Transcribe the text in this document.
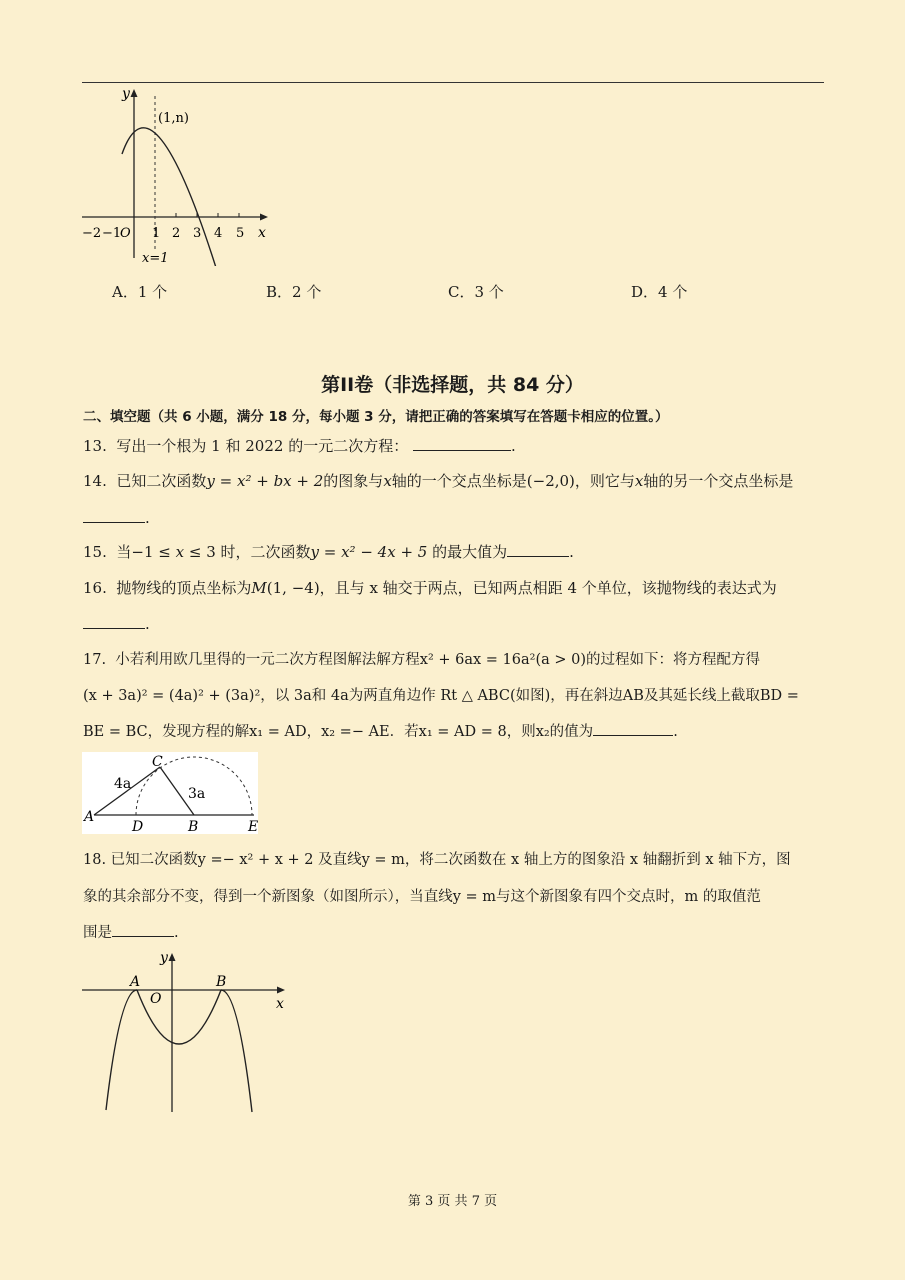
y
x
(1,n)
x=1
−2 −1
O 1 2 3 4 5
A．1 个	B．2 个	C．3 个	D．4 个
第II卷（非选择题，共 84 分）
二、填空题（共 6 小题，满分 18 分，每小题 3 分，请把正确的答案填写在答题卡相应的位置。）
13. 写出一个根为 1 和 2022 的一元二次方程：	.
14. 已知二次函数y = x² + bx + 2的图象与x轴的一个交点坐标是(−2,0)，则它与x轴的另一个交点坐标是
.
15. 当−1 ≤ x ≤ 3 时，二次函数y = x² − 4x + 5 的最大值为	.
16. 抛物线的顶点坐标为M(1, −4)，且与 x 轴交于两点，已知两点相距 4 个单位，该抛物线的表达式为
.
17. 小若利用欧几里得的一元二次方程图解法解方程x² + 6ax = 16a²(a > 0)的过程如下：将方程配方得
(x + 3a)² = (4a)² + (3a)²，以 3a和 4a为两直角边作 Rt △ ABC(如图)，再在斜边AB及其延长线上截取BD =
BE = BC，发现方程的解x₁ = AD，x₂ =− AE．若x₁ = AD = 8，则x₂的值为	.
A
C
D	B	E
4a
3a
18. 已知二次函数y =− x² + x + 2 及直线y = m，将二次函数在 x 轴上方的图象沿 x 轴翻折到 x 轴下方，图
象的其余部分不变，得到一个新图象（如图所示），当直线y = m与这个新图象有四个交点时，m 的取值范
围是	.
y
x
A	B
O
第 3 页 共 7 页
